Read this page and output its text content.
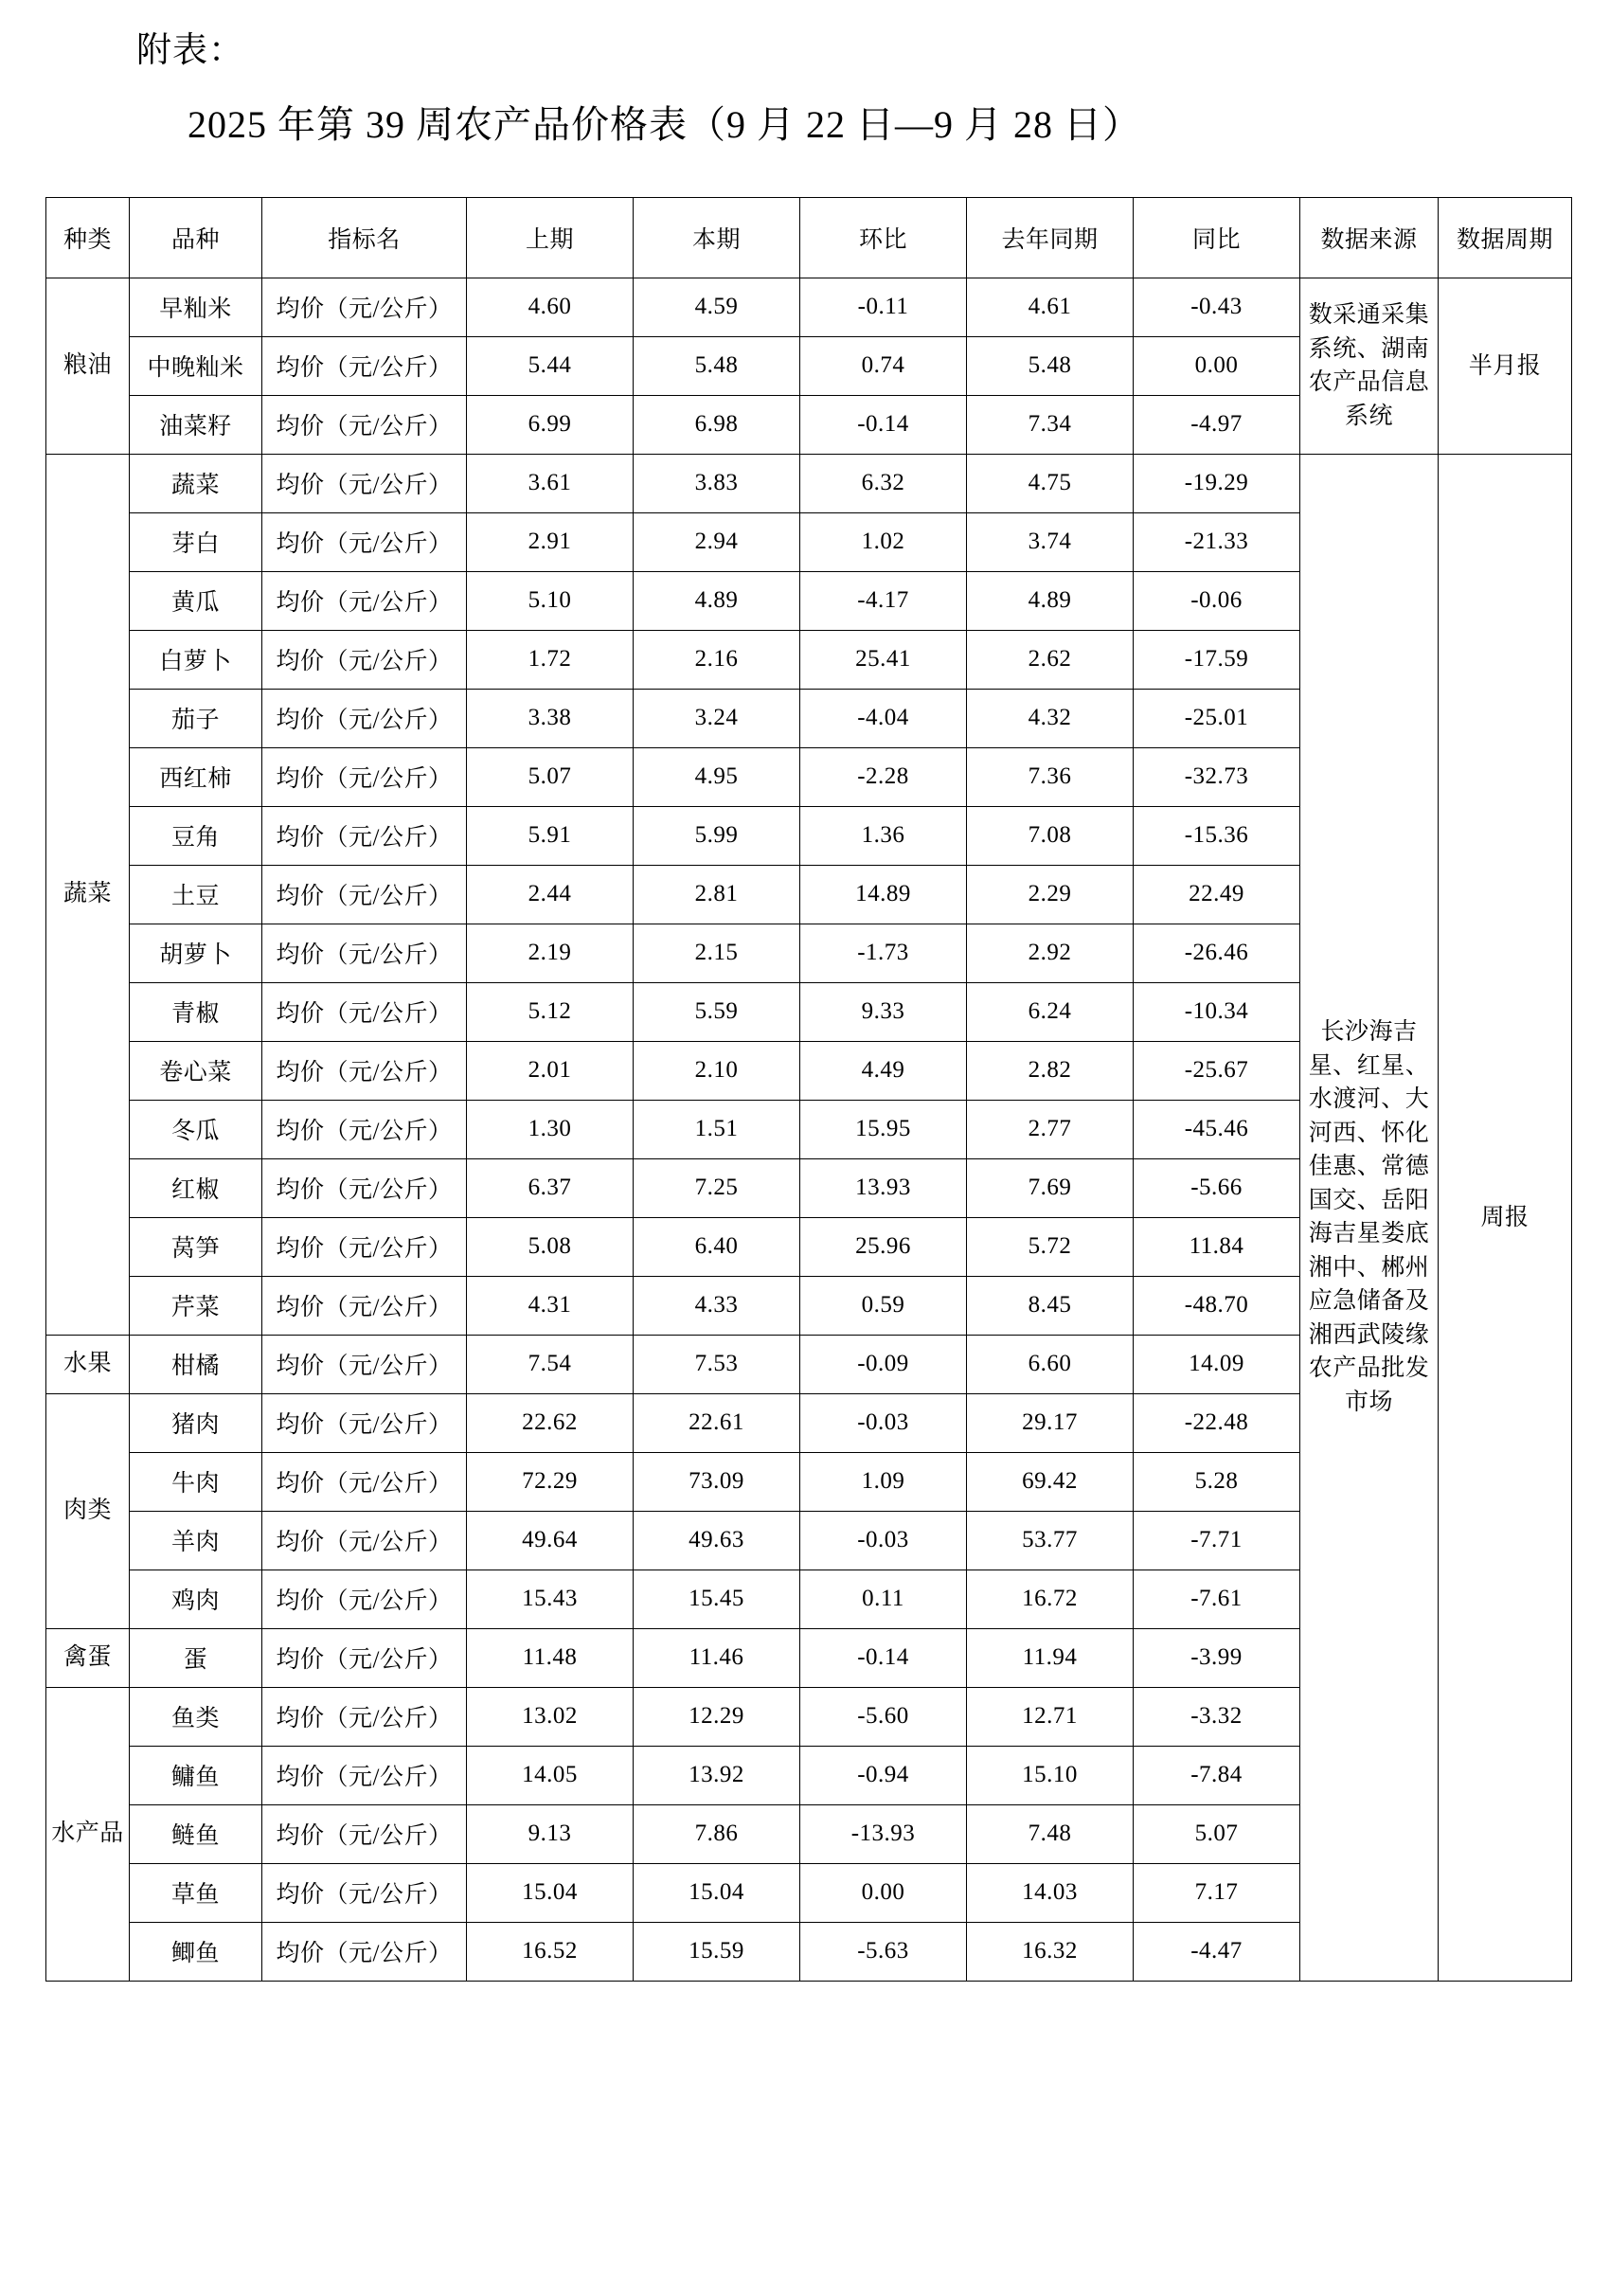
附表：
2025 年第 39 周农产品价格表（9 月 22 日—9 月 28 日）
种类	品种	指标名	上期	本期	环比	去年同期	同比	数据来源	数据周期
粮油	早籼米	均价（元/公斤）	4.60	4.59	-0.11	4.61	-0.43	数采通采集系统、湖南农产品信息系统	半月报
	中晚籼米	均价（元/公斤）	5.44	5.48	0.74	5.48	0.00		
	油菜籽	均价（元/公斤）	6.99	6.98	-0.14	7.34	-4.97		
蔬菜	蔬菜	均价（元/公斤）	3.61	3.83	6.32	4.75	-19.29	长沙海吉星、红星、水渡河、大河西、怀化佳惠、常德国交、岳阳海吉星娄底湘中、郴州应急储备及湘西武陵缘农产品批发市场	周报
	芽白	均价（元/公斤）	2.91	2.94	1.02	3.74	-21.33		
	黄瓜	均价（元/公斤）	5.10	4.89	-4.17	4.89	-0.06		
	白萝卜	均价（元/公斤）	1.72	2.16	25.41	2.62	-17.59		
	茄子	均价（元/公斤）	3.38	3.24	-4.04	4.32	-25.01		
	西红柿	均价（元/公斤）	5.07	4.95	-2.28	7.36	-32.73		
	豆角	均价（元/公斤）	5.91	5.99	1.36	7.08	-15.36		
	土豆	均价（元/公斤）	2.44	2.81	14.89	2.29	22.49		
	胡萝卜	均价（元/公斤）	2.19	2.15	-1.73	2.92	-26.46		
	青椒	均价（元/公斤）	5.12	5.59	9.33	6.24	-10.34		
	卷心菜	均价（元/公斤）	2.01	2.10	4.49	2.82	-25.67		
	冬瓜	均价（元/公斤）	1.30	1.51	15.95	2.77	-45.46		
	红椒	均价（元/公斤）	6.37	7.25	13.93	7.69	-5.66		
	莴笋	均价（元/公斤）	5.08	6.40	25.96	5.72	11.84		
	芹菜	均价（元/公斤）	4.31	4.33	0.59	8.45	-48.70		
水果	柑橘	均价（元/公斤）	7.54	7.53	-0.09	6.60	14.09		
肉类	猪肉	均价（元/公斤）	22.62	22.61	-0.03	29.17	-22.48		
	牛肉	均价（元/公斤）	72.29	73.09	1.09	69.42	5.28		
	羊肉	均价（元/公斤）	49.64	49.63	-0.03	53.77	-7.71		
	鸡肉	均价（元/公斤）	15.43	15.45	0.11	16.72	-7.61		
禽蛋	蛋	均价（元/公斤）	11.48	11.46	-0.14	11.94	-3.99		
水产品	鱼类	均价（元/公斤）	13.02	12.29	-5.60	12.71	-3.32		
	鳙鱼	均价（元/公斤）	14.05	13.92	-0.94	15.10	-7.84		
	鲢鱼	均价（元/公斤）	9.13	7.86	-13.93	7.48	5.07		
	草鱼	均价（元/公斤）	15.04	15.04	0.00	14.03	7.17		
	鲫鱼	均价（元/公斤）	16.52	15.59	-5.63	16.32	-4.47		
